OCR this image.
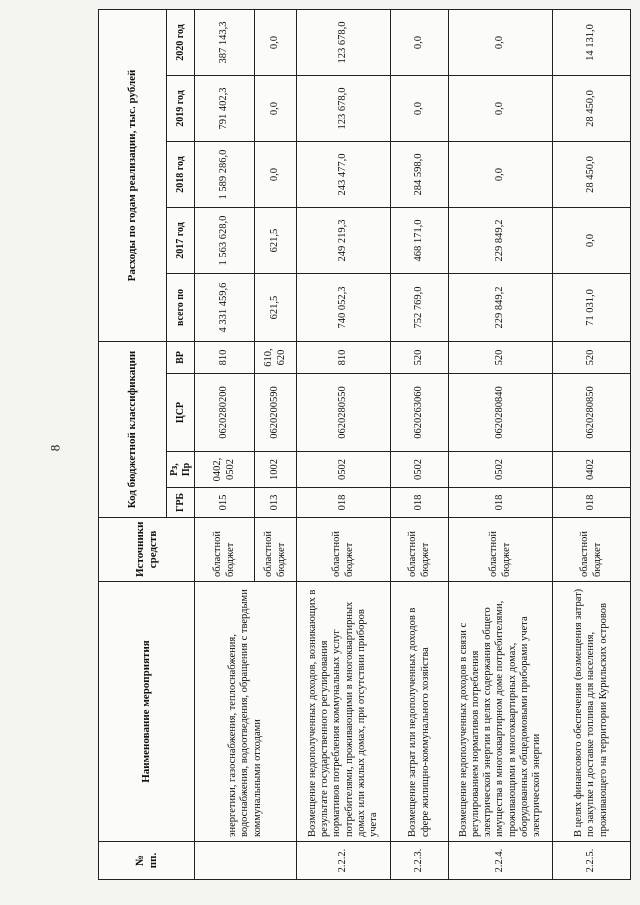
8
№ пп.	Наименование мероприятия	Источники средств	Код бюджетной классификации				Расходы по годам реализации, тыс. рублей				
			ГРБ	Рз, Пр	ЦСР	ВР	всего по	2017 год	2018 год	2019 год	2020 год
	энергетики, газоснабжения, теплоснабжения, водоснабжения, водоотведения, обращения с твердыми коммунальными отходами	областной бюджет	015	0402, 0502	0620280200	810	4 331 459,6	1 563 628,0	1 589 286,0	791 402,3	387 143,3
		областной бюджет	013	1002	0620200590	610, 620	621,5	621,5	0,0	0,0	0,0
2.2.2.	Возмещение недополученных доходов, возникающих в результате государственного регулирования нормативов потребления коммунальных услуг потребителями, проживающими в многоквартирных домах или жилых домах, при отсутствии приборов учета	областной бюджет	018	0502	0620280550	810	740 052,3	249 219,3	243 477,0	123 678,0	123 678,0
2.2.3.	Возмещение затрат или недополученных доходов в сфере жилищно-коммунального хозяйства	областной бюджет	018	0502	0620263060	520	752 769,0	468 171,0	284 598,0	0,0	0,0
2.2.4.	Возмещение недополученных доходов в связи с регулированием нормативов потребления электрической энергии в целях содержания общего имущества в многоквартирном доме потребителями, проживающими в многоквартирных домах, оборудованных общедомовыми приборами учета электрической энергии	областной бюджет	018	0502	0620280840	520	229 849,2	229 849,2	0,0	0,0	0,0
2.2.5.	В целях финансового обеспечения (возмещения затрат) по закупке и доставке топлива для населения, проживающего на территории Курильских островов	областной бюджет	018	0402	0620280850	520	71 031,0	0,0	28 450,0	28 450,0	14 131,0
